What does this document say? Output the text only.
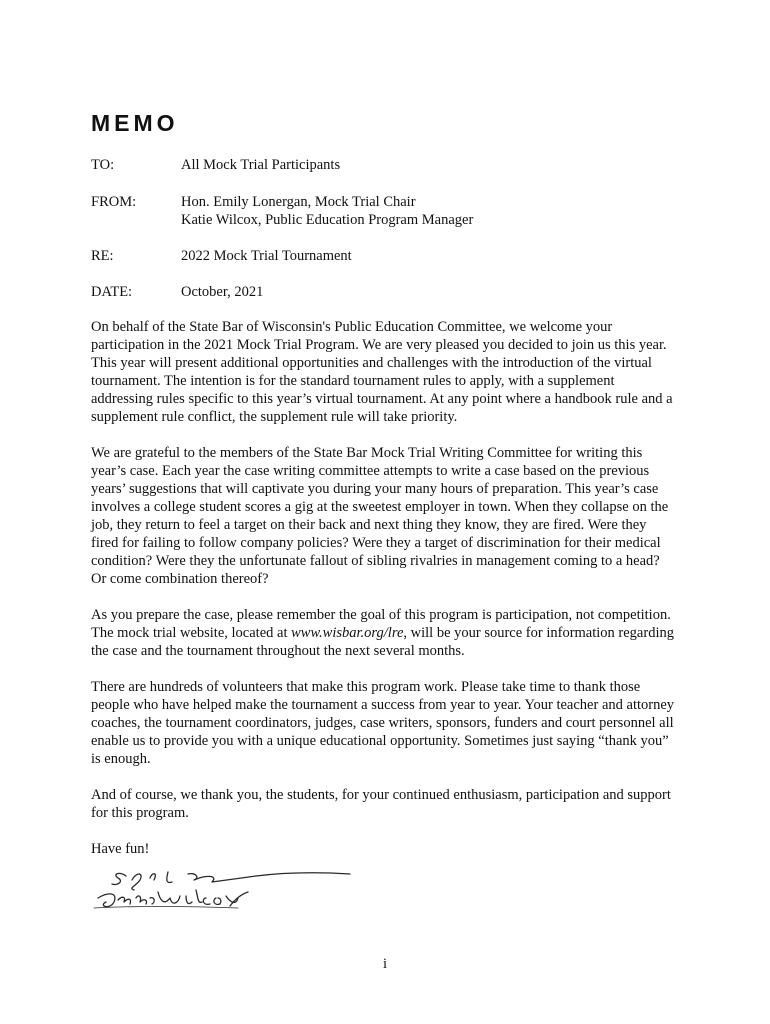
MEMO
TO:	All Mock Trial Participants
FROM:	Hon. Emily Lonergan, Mock Trial Chair
Katie Wilcox, Public Education Program Manager
RE:	2022 Mock Trial Tournament
DATE:	October, 2021

On behalf of the State Bar of Wisconsin's Public Education Committee, we welcome your participation in the 2021 Mock Trial Program. We are very pleased you decided to join us this year. This year will present additional opportunities and challenges with the introduction of the virtual tournament. The intention is for the standard tournament rules to apply, with a supplement addressing rules specific to this year’s virtual tournament. At any point where a handbook rule and a supplement rule conflict, the supplement rule will take priority.

We are grateful to the members of the State Bar Mock Trial Writing Committee for writing this year’s case. Each year the case writing committee attempts to write a case based on the previous years’ suggestions that will captivate you during your many hours of preparation. This year’s case involves a college student scores a gig at the sweetest employer in town. When they collapse on the job, they return to feel a target on their back and next thing they know, they are fired. Were they fired for failing to follow company policies? Were they a target of discrimination for their medical condition? Were they the unfortunate fallout of sibling rivalries in management coming to a head? Or come combination thereof?

As you prepare the case, please remember the goal of this program is participation, not competition. The mock trial website, located at www.wisbar.org/lre, will be your source for information regarding the case and the tournament throughout the next several months.

There are hundreds of volunteers that make this program work. Please take time to thank those people who have helped make the tournament a success from year to year. Your teacher and attorney coaches, the tournament coordinators, judges, case writers, sponsors, funders and court personnel all enable us to provide you with a unique educational opportunity. Sometimes just saying “thank you” is enough.

And of course, we thank you, the students, for your continued enthusiasm, participation and support for this program.

Have fun!

i
